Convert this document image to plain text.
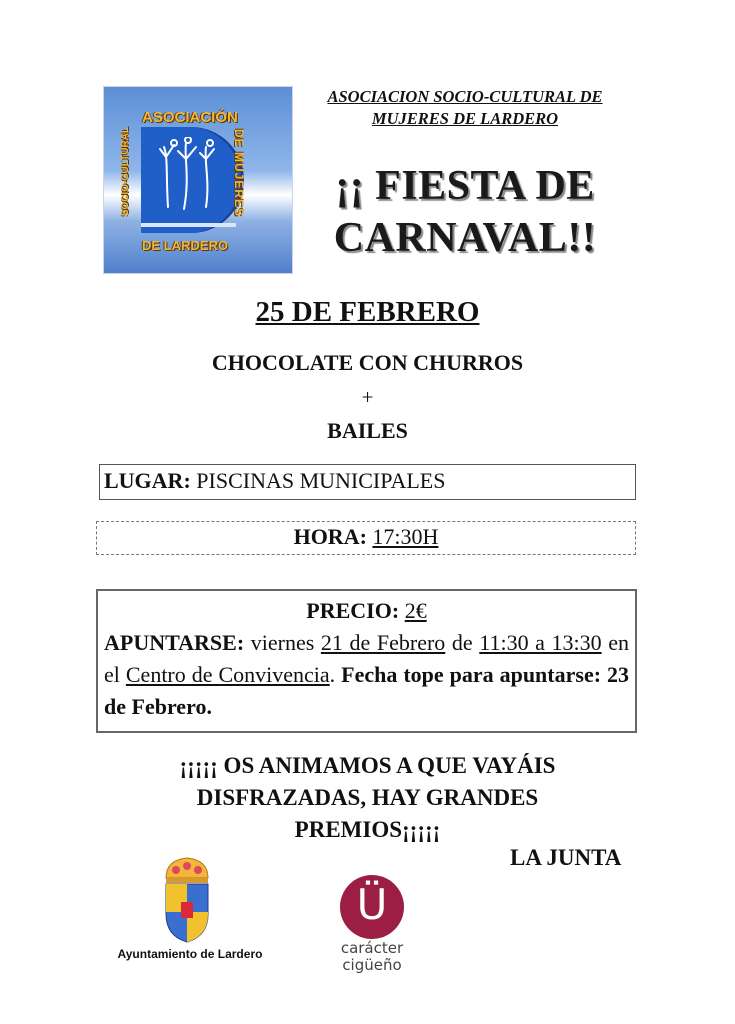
ASOCIACIÓN
DE MUJERES
SOCIO-CULTURAL
DE LARDERO
ASOCIACION SOCIO-CULTURAL DE
MUJERES DE LARDERO
¡¡ FIESTA DE
CARNAVAL!!
25 DE FEBRERO
CHOCOLATE CON CHURROS
+
BAILES
LUGAR: PISCINAS MUNICIPALES
HORA: 17:30H
PRECIO: 2€
APUNTARSE: viernes 21 de Febrero de 11:30 a 13:30 en el Centro de Convivencia. Fecha tope para apuntarse: 23 de Febrero.
¡¡¡¡¡ OS ANIMAMOS A QUE VAYÁIS
DISFRAZADAS, HAY GRANDES
PREMIOS¡¡¡¡¡
LA JUNTA
Ayuntamiento de Lardero
Ü
carácter
cigüeño
